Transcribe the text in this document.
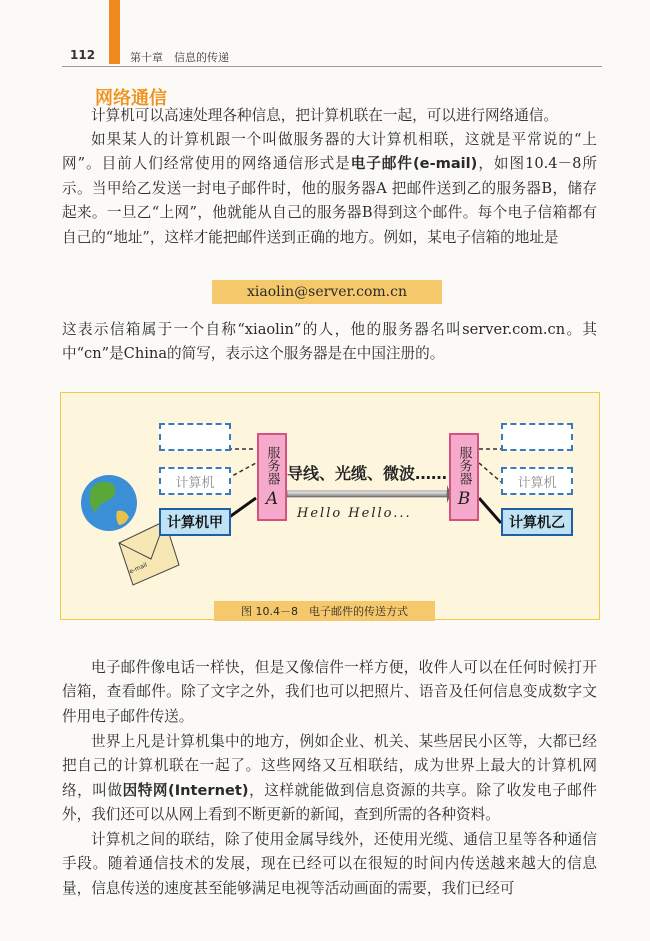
112	第十章　信息的传递
网络通信
计算机可以高速处理各种信息，把计算机联在一起，可以进行网络通信。
如果某人的计算机跟一个叫做服务器的大计算机相联，这就是平常说的“上网”。目前人们经常使用的网络通信形式是电子邮件(e-mail)，如图10.4－8所示。当甲给乙发送一封电子邮件时，他的服务器A 把邮件送到乙的服务器B，储存起来。一旦乙“上网”，他就能从自己的服务器B得到这个邮件。每个电子信箱都有自己的“地址”，这样才能把邮件送到正确的地方。例如，某电子信箱的地址是
xiaolin@server.com.cn
这表示信箱属于一个自称“xiaolin”的人，他的服务器名叫server.com.cn。其中“cn”是China的简写，表示这个服务器是在中国注册的。
Hello Hello...
计算机
计算机甲
服务器
A
导线、光缆、微波…… 服务器
B
计算机
计算机乙
e-mail
图 10.4－8　电子邮件的传送方式
电子邮件像电话一样快，但是又像信件一样方便，收件人可以在任何时候打开信箱，查看邮件。除了文字之外，我们也可以把照片、语音及任何信息变成数字文件用电子邮件传送。
世界上凡是计算机集中的地方，例如企业、机关、某些居民小区等，大都已经把自己的计算机联在一起了。这些网络又互相联结，成为世界上最大的计算机网络，叫做因特网(Internet)，这样就能做到信息资源的共享。除了收发电子邮件外，我们还可以从网上看到不断更新的新闻，查到所需的各种资料。
计算机之间的联结，除了使用金属导线外，还使用光缆、通信卫星等各种通信手段。随着通信技术的发展，现在已经可以在很短的时间内传送越来越大的信息量，信息传送的速度甚至能够满足电视等活动画面的需要，我们已经可
